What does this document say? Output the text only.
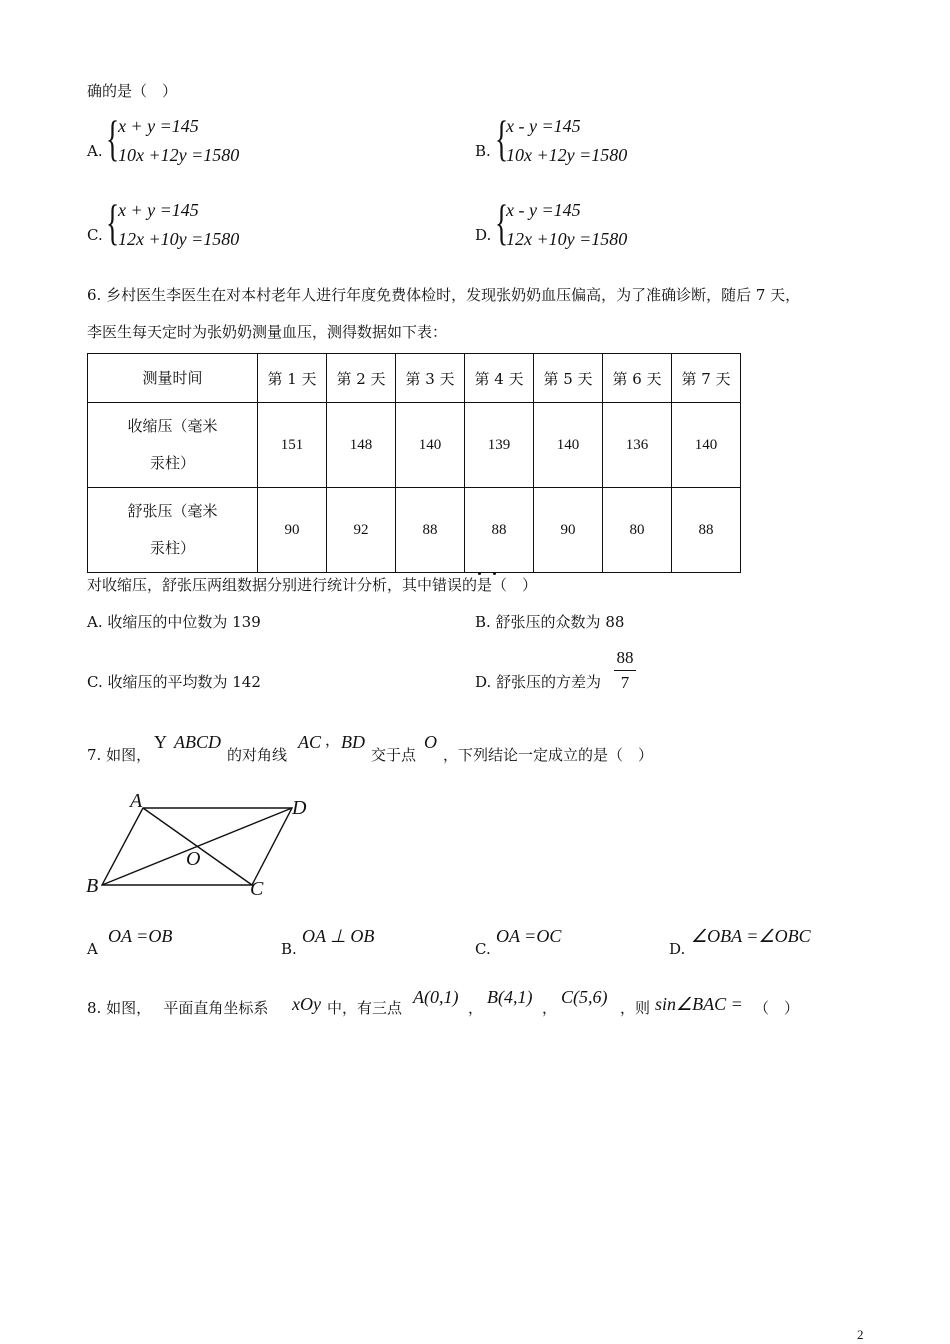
确的是（　）
A. {
x + y =145
10x +12y =1580	B. {
x - y =145
10x +12y =1580
C. {
x + y =145
12x +10y =1580	D. {
x - y =145
12x +10y =1580
6. 乡村医生李医生在对本村老年人进行年度免费体检时，发现张奶奶血压偏高，为了准确诊断，随后 7 天，
李医生每天定时为张奶奶测量血压，测得数据如下表：
测量时间	第 1 天	第 2 天	第 3 天	第 4 天	第 5 天	第 6 天	第 7 天

收缩压（毫米汞柱）	151	148	140	139	140	136	140

舒张压（毫米汞柱）	90	92	88	88	90	80	88
对收缩压，舒张压两组数据分别进行统计分析，其中错误的是（　）
A. 收缩压的中位数为 139	B. 舒张压的众数为 88
C. 收缩压的平均数为 142	D. 舒张压的方差为
88
7
7. 如图，
Y ABCD
的对角线
AC ， BD
交于点
O
，下列结论一定成立的是（　）
A	D
B	C
O
A
OA =OB
B.
OA ⊥ OB
C.
OA =OC
D.
∠OBA =∠OBC
8. 如图，　 平面直角坐标系 xOy 中，有三点
A(0,1)
，
B(4,1)
，
C(5,6)
，则 sin∠BAC = （　）
2
